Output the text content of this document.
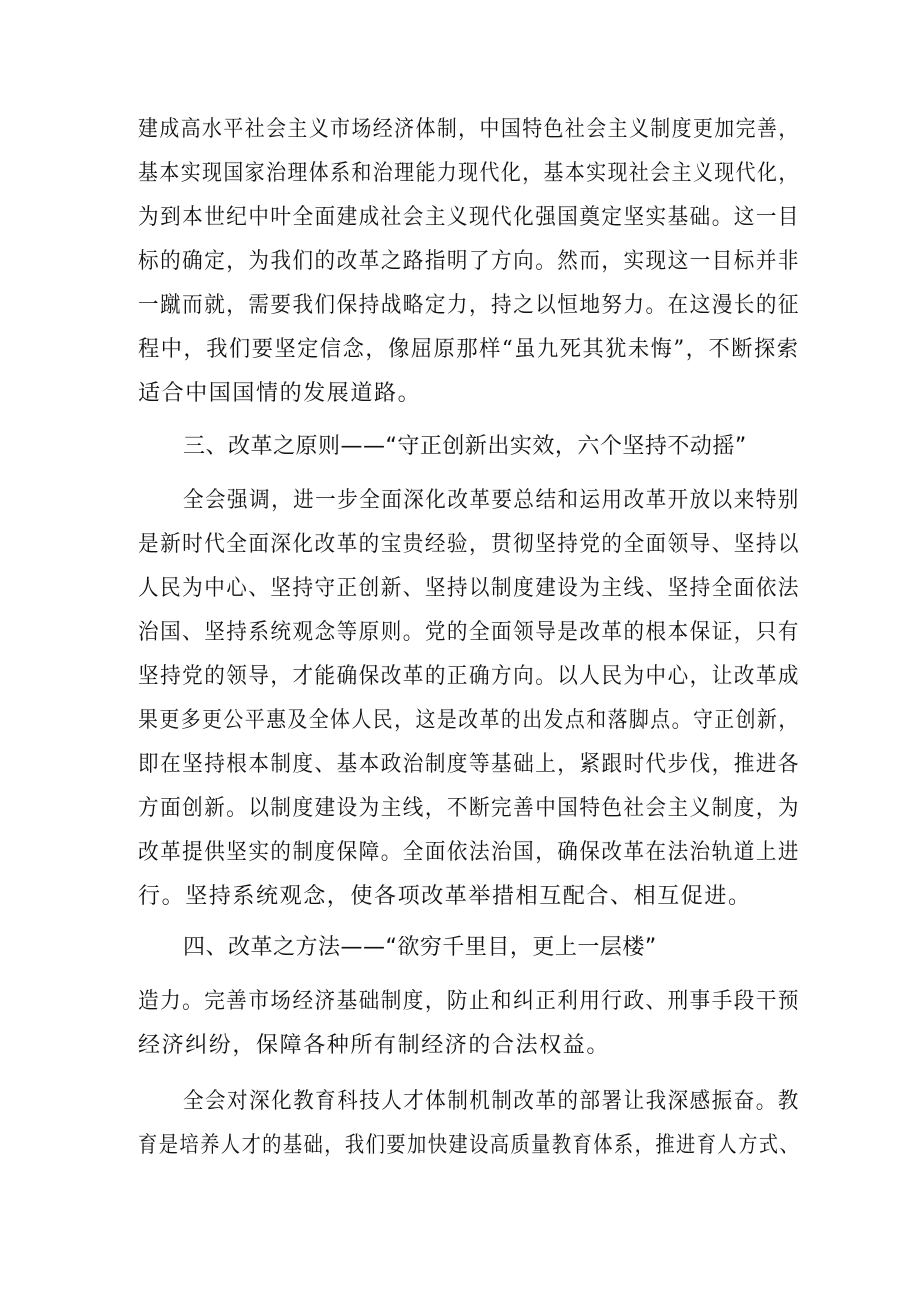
建成高水平社会主义市场经济体制，中国特色社会主义制度更加完善，
基本实现国家治理体系和治理能力现代化，基本实现社会主义现代化，
为到本世纪中叶全面建成社会主义现代化强国奠定坚实基础。这一目
标的确定，为我们的改革之路指明了方向。然而，实现这一目标并非
一蹴而就，需要我们保持战略定力，持之以恒地努力。在这漫长的征
程中，我们要坚定信念，像屈原那样“虽九死其犹未悔”，不断探索
适合中国国情的发展道路。
三、改革之原则——“守正创新出实效，六个坚持不动摇”
全会强调，进一步全面深化改革要总结和运用改革开放以来特别
是新时代全面深化改革的宝贵经验，贯彻坚持党的全面领导、坚持以
人民为中心、坚持守正创新、坚持以制度建设为主线、坚持全面依法
治国、坚持系统观念等原则。党的全面领导是改革的根本保证，只有
坚持党的领导，才能确保改革的正确方向。以人民为中心，让改革成
果更多更公平惠及全体人民，这是改革的出发点和落脚点。守正创新，
即在坚持根本制度、基本政治制度等基础上，紧跟时代步伐，推进各
方面创新。以制度建设为主线，不断完善中国特色社会主义制度，为
改革提供坚实的制度保障。全面依法治国，确保改革在法治轨道上进
行。坚持系统观念，使各项改革举措相互配合、相互促进。
四、改革之方法——“欲穷千里目，更上一层楼”
造力。完善市场经济基础制度，防止和纠正利用行政、刑事手段干预
经济纠纷，保障各种所有制经济的合法权益。
全会对深化教育科技人才体制机制改革的部署让我深感振奋。教
育是培养人才的基础，我们要加快建设高质量教育体系，推进育人方式、
